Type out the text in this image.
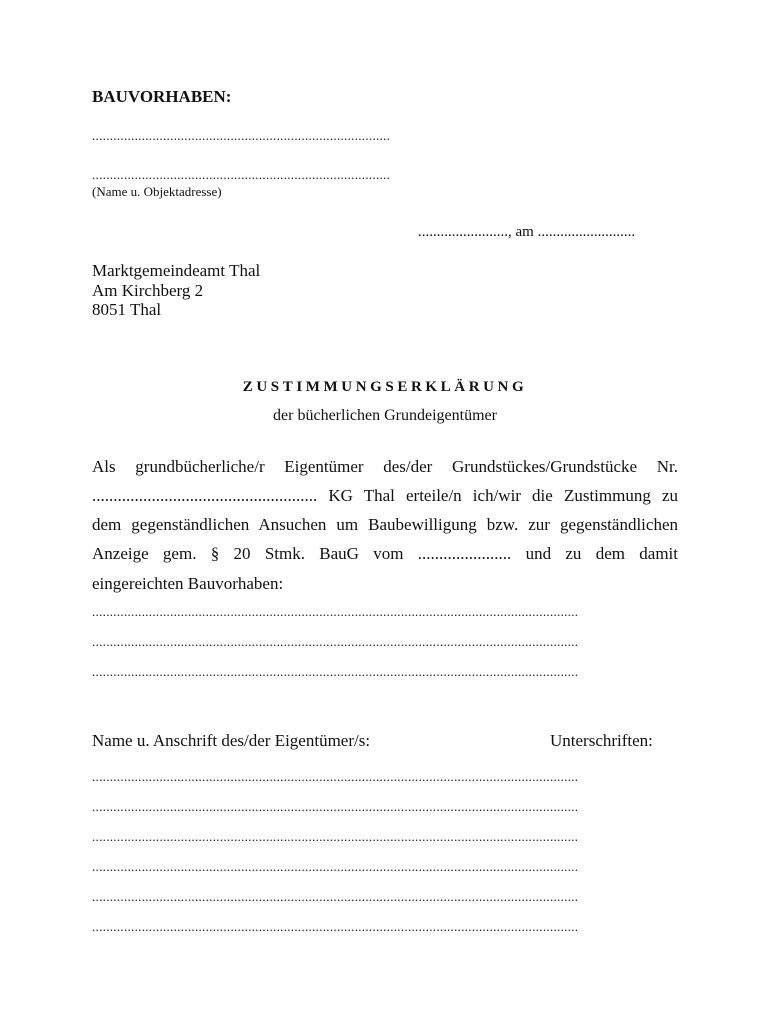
BAUVORHABEN:
....................................................................................
....................................................................................
(Name u. Objektadresse)
........................, am ..........................
Marktgemeindeamt Thal
Am Kirchberg 2
8051 Thal
ZUSTIMMUNGSERKLÄRUNG
der bücherlichen Grundeigentümer
Als grundbücherliche/r Eigentümer des/der Grundstückes/Grundstücke Nr.
..................................................... KG Thal erteile/n ich/wir die Zustimmung zu
dem gegenständlichen Ansuchen um Baubewilligung bzw. zur gegenständlichen
Anzeige gem. § 20 Stmk. BauG vom ...................... und zu dem damit
eingereichten Bauvorhaben:
.........................................................................................................................................
.........................................................................................................................................
.........................................................................................................................................
Name u. Anschrift des/der Eigentümer/s:	Unterschriften:
.........................................................................................................................................
.........................................................................................................................................
.........................................................................................................................................
.........................................................................................................................................
.........................................................................................................................................
.........................................................................................................................................
